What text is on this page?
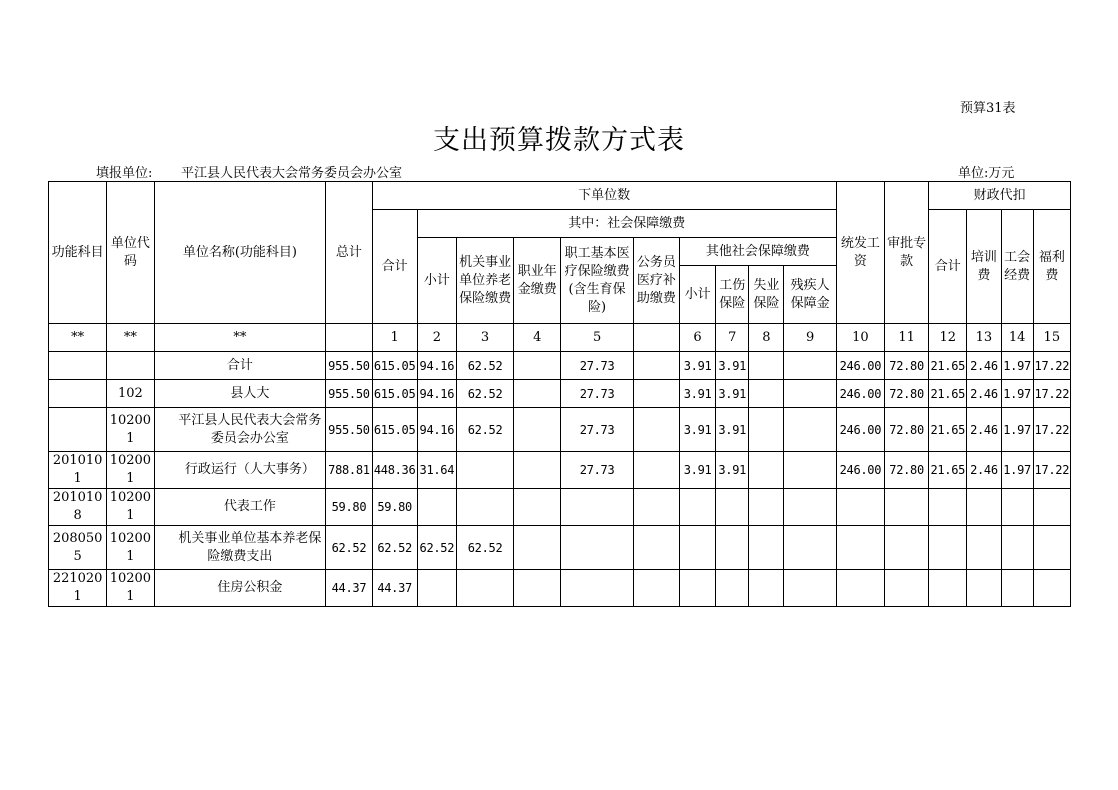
预算31表
支出预算拨款方式表
填报单位: 平江县人民代表大会常务委员会办公室	单位:万元
功能科目	单位代码	单位名称(功能科目)	总计	下单位数										统发工资	审批专款	财政代扣			
				合计	其中：社会保障缴费											合计	培训费	工会经费	福利费
					小计	机关事业单位养老保险缴费	职业年金缴费	职工基本医疗保险缴费(含生育保险)	公务员医疗补助缴费	其他社会保障缴费									
										小计	工伤保险	失业保险	残疾人保障金						

**	**	**		1	2	3	4	5		6	7	8	9	10	11	12	13	14	15

		合计	955.50	615.05	94.16	62.52		27.73		3.91	3.91			246.00	72.80	21.65	2.46	1.97	17.22
	102	县人大	955.50	615.05	94.16	62.52		27.73		3.91	3.91			246.00	72.80	21.65	2.46	1.97	17.22
	102001	平江县人民代表大会常务委员会办公室	955.50	615.05	94.16	62.52		27.73		3.91	3.91			246.00	72.80	21.65	2.46	1.97	17.22
2010101	102001	行政运行（人大事务）	788.81	448.36	31.64			27.73		3.91	3.91			246.00	72.80	21.65	2.46	1.97	17.22
2010108	102001	代表工作	59.80	59.80															
2080505	102001	机关事业单位基本养老保险缴费支出	62.52	62.52	62.52	62.52													
2210201	102001	住房公积金	44.37	44.37															
